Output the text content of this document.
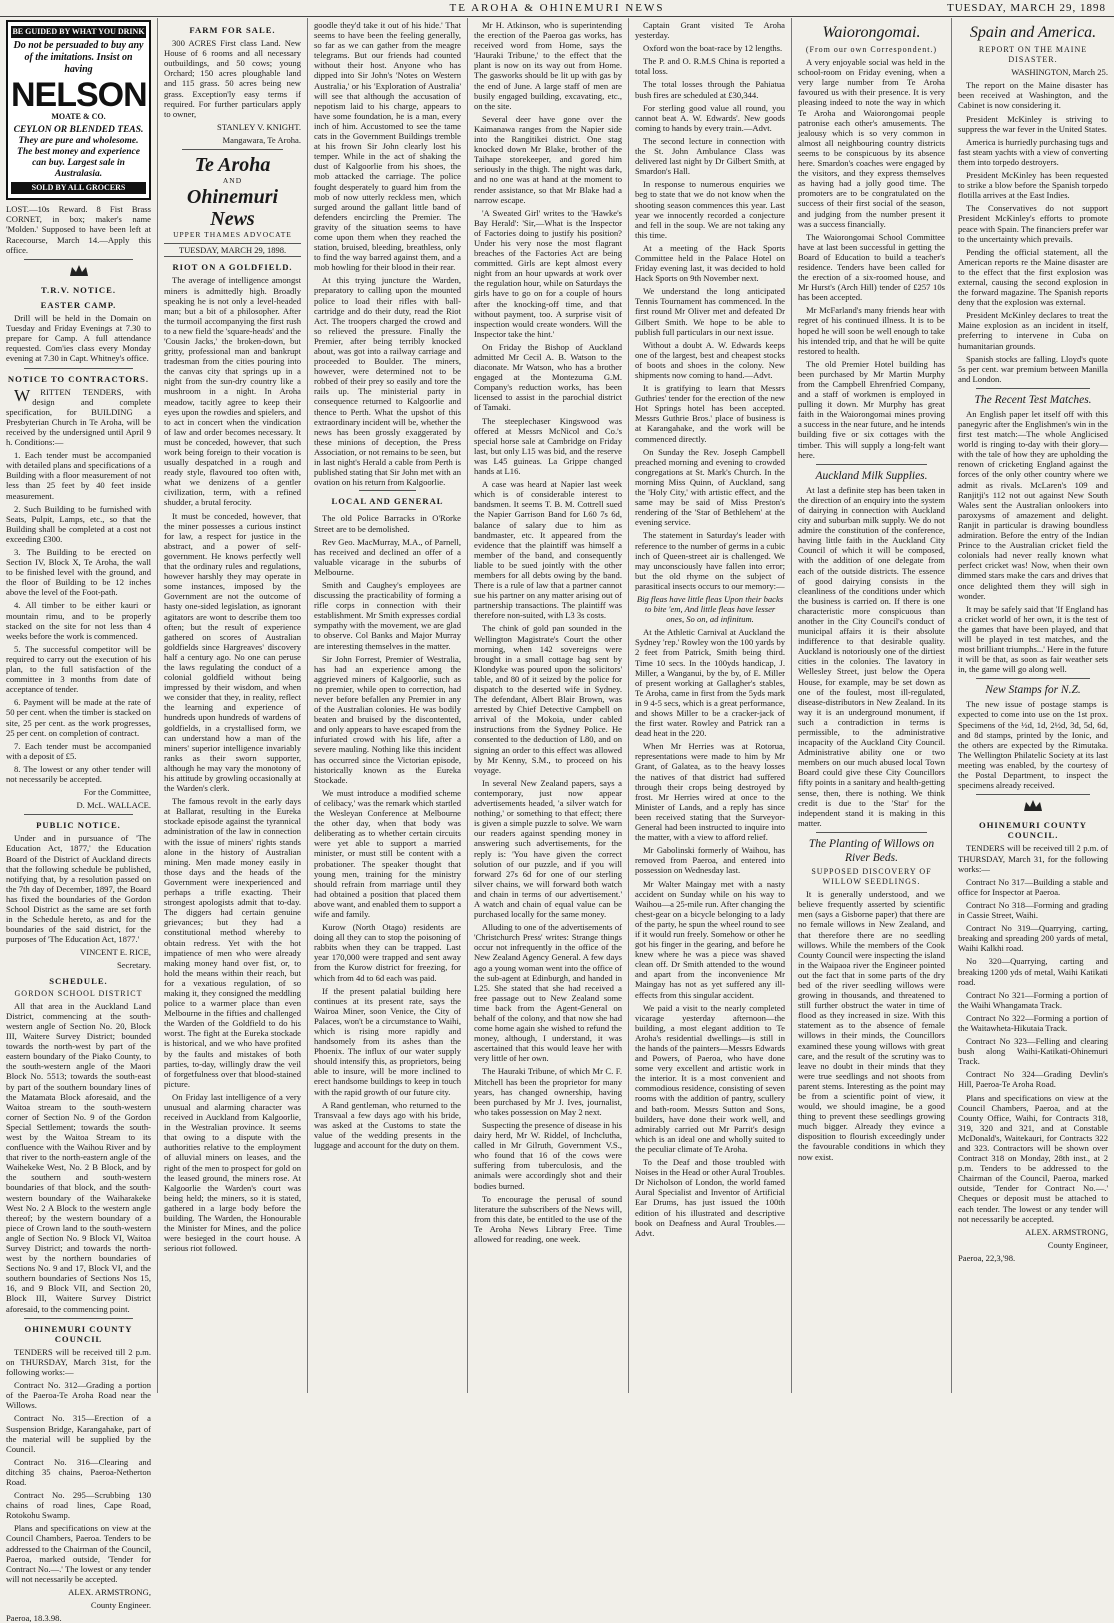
TE AROHA & OHINEMURI NEWS	TUESDAY, MARCH 29, 1898
BE GUIDED BY WHAT YOU DRINK
Do not be persuaded to buy any of the imitations. Insist on having
NELSON
MOATE & CO.
CEYLON OR BLENDED TEAS. They are pure and wholesome. The best money and experience can buy. Largest sale in Australasia.
SOLD BY ALL GROCERS

LOST.—10s Reward. 8 Fist Brass CORNET, in box; maker's name 'Molden.' Supposed to have been left at Racecourse, March 14.—Apply this office.

T.R.V. NOTICE.
EASTER CAMP.

Drill will be held in the Domain on Tuesday and Friday Evenings at 7.30 to prepare for Camp. A full attendance requested. Com'ies class every Monday evening at 7.30 in Capt. Whitney's office.

NOTICE TO CONTRACTORS.

WRITTEN TENDERS, with design and complete specification, for BUILDING a Presbyterian Church in Te Aroha, will be received by the undersigned until April 9 h. Conditions:—

1. Each tender must be accompanied with detailed plans and specifications of a Building with a floor measurement of not less than 25 feet by 40 feet inside measurement.

2. Such Building to be furnished with Seats, Pulpit, Lamps, etc., so that the Building shall be completed at a cost not exceeding £300.

3. The Building to be erected on Section IV, Block X, Te Aroha, the wall to be finished level with the ground, and the floor of Building to be 12 inches above the level of the Foot-path.

4. All timber to be either kauri or mountain rimu, and to be properly stacked on the site for not less than 4 weeks before the work is commenced.

5. The successful competitor will be required to carry out the execution of his plan, to the full satisfaction of the committee in 3 months from date of acceptance of tender.

6. Payment will be made at the rate of 50 per cent. when the timber is stacked on site, 25 per cent. as the work progresses, 25 per cent. on completion of contract.

7. Each tender must be accompanied with a deposit of £5.

8. The lowest or any other tender will not necessarily be accepted.

For the Committee,

D. McL. WALLACE.

PUBLIC NOTICE.

Under and in pursuance of 'The Education Act, 1877,' the Education Board of the District of Auckland directs that the following schedule be published, notifying that, by a resolution passed on the 7th day of December, 1897, the Board has fixed the boundaries of the Gordon School District as the same are set forth in the Schedule hereto, as and for the boundaries of the said district, for the purposes of 'The Education Act, 1877.'

VINCENT E. RICE,

Secretary.

SCHEDULE.
GORDON SCHOOL DISTRICT

All that area in the Auckland Land District, commencing at the south-western angle of Section No. 20, Block III, Waitere Survey District; bounded towards the north-west by part of the eastern boundary of the Piako County, to the south-western angle of the Maori Block No. 5513; towards the south-east by part of the southern boundary lines of the Matamata Block aforesaid, and the Waitoa stream to the south-western corner of Section No. 9 of the Gordon Special Settlement; towards the south-west by the Waitoa Stream to its confluence with the Waihou River and by that river to the north-eastern angle of the Waihekeke West, No. 2 B Block, and by the southern and south-western boundaries of that block, and the south-western boundary of the Waiharakeke West No. 2 A Block to the western angle thereof; by the western boundary of a piece of Crown land to the south-western angle of Section No. 9 Block VI, Waitoa Survey District; and towards the north-west by the northern boundaries of Sections No. 9 and 17, Block VI, and the southern boundaries of Sections Nos 15, 16, and 9 Block VII, and Section 20, Block III, Waitere Survey District aforesaid, to the commencing point.

OHINEMURI COUNTY COUNCIL

TENDERS will be received till 2 p.m. on THURSDAY, March 31st, for the following works:—

Contract No. 312—Grading a portion of the Paeroa-Te Aroha Road near the Willows.

Contract No. 315—Erection of a Suspension Bridge, Karangahake, part of the material will be supplied by the Council.

Contract No. 316—Clearing and ditching 35 chains, Paeroa-Netherton Road.

Contract No. 295—Scrubbing 130 chains of road lines, Cape Road, Rotokohu Swamp.

Plans and specifications on view at the Council Chambers, Paeroa. Tenders to be addressed to the Chairman of the Council, Paeroa, marked outside, 'Tender for Contract No.—.' The lowest or any tender will not necessarily be accepted.

ALEX. ARMSTRONG,

County Engineer.

Paeroa, 18.3.98.

FARM FOR SALE.

300 ACRES First class Land. New House of 6 rooms and all necessary outbuildings, and 50 cows; young Orchard; 150 acres ploughable land and 115 grass. 50 acres being new grass. Exception'ly easy terms if required. For further particulars apply to owner,

STANLEY V. KNIGHT.

Mangawara, Te Aroha.

Te Aroha
AND
Ohinemuri News
UPPER THAMES ADVOCATE
TUESDAY, MARCH 29, 1898.
RIOT ON A GOLDFIELD.

The average of intelligence amongst miners is admittedly high. Broadly speaking he is not only a level-headed man; but a bit of a philosopher. After the turmoil accompanying the first rush to a new field the 'square-heads' and the 'Cousin Jacks,' the broken-down, but gritty, professional man and bankrupt tradesman from the cities pouring into the canvas city that springs up in a night from the sun-dry country like a mushroom in a night. In Aroha meadow, tacitly agree to keep their eyes upon the rowdies and spielers, and to act in concert when the vindication of law and order becomes necessary. It must be conceded, however, that such work being foreign to their vocation is usually despatched in a rough and ready style, flavoured too often with, what we denizens of a gentler civilization, term, with a refined shudder, a brutal ferocity.

It must be conceded, however, that the miner possesses a curious instinct for law, a respect for justice in the abstract, and a power of self-government. He knows perfectly well that the ordinary rules and regulations, however harshly they may operate in some instances, imposed by the Government are not the outcome of hasty one-sided legislation, as ignorant agitators are wont to describe them too often; but the result of experience gathered on scores of Australian goldfields since Hargreaves' discovery half a century ago. No one can peruse the laws regulating the conduct of a colonial goldfield without being impressed by their wisdom, and when we consider that they, in reality, reflect the learning and experience of hundreds upon hundreds of wardens of goldfields, in a crystallised form, we can understand how a man of the miners' superior intelligence invariably ranks as their sworn supporter, although he may vary the monotony of his attitude by growling occasionally at the Warden's clerk.

The famous revolt in the early days at Ballarat, resulting in the Eureka stockade episode against the tyrannical administration of the law in connection with the issue of miners' rights stands alone in the history of Australian mining. Men made money easily in those days and the heads of the Government were inexperienced and perhaps a trifle exacting. Their strongest apologists admit that to-day. The diggers had certain genuine grievances; but they had a constitutional method whereby to obtain redress. Yet with the hot impatience of men who were already making money hand over fist, or, to hold the means within their reach, but for a vexatious regulation, of so making it, they consigned the meddling police to a warmer place than even Melbourne in the fifties and challenged the Warden of the Goldfield to do his worst. The fight at the Eureka stockade is historical, and we who have profited by the faults and mistakes of both parties, to-day, willingly draw the veil of forgetfulness over that blood-stained picture.

On Friday last intelligence of a very unusual and alarming character was received in Auckland from Kalgoorlie, in the Westralian province. It seems that owing to a dispute with the authorities relative to the employment of alluvial miners on leases, and the right of the men to prospect for gold on the leased ground, the miners rose. At Kalgoorlie the Warden's court was being held; the miners, so it is stated, gathered in a large body before the building. The Warden, the Honourable the Minister for Mines, and the police were besieged in the court house. A serious riot followed.

goodle they'd take it out of his hide.' That seems to have been the feeling generally, so far as we can gather from the meagre telegrams. But our friends had counted without their host. Anyone who has dipped into Sir John's 'Notes on Western Australia,' or his 'Exploration of Australia' will see that although the accusation of nepotism laid to his charge, appears to have some foundation, he is a man, every inch of him. Accustomed to see the tame cats in the Government Buildings tremble at his frown Sir John clearly lost his temper. While in the act of shaking the dust of Kalgoorlie from his shoes, the mob attacked the carriage. The police fought desperately to guard him from the mob of now utterly reckless men, which surged around the gallant little band of defenders encircling the Premier. The gravity of the situation seems to have come upon them when they reached the station, bruised, bleeding, breathless, only to find the way barred against them, and a mob howling for their blood in their rear.

At this trying juncture the Warden, preparatory to calling upon the mounted police to load their rifles with ball-cartridge and do their duty, read the Riot Act. The troopers charged the crowd and so relieved the pressure. Finally the Premier, after being terribly knocked about, was got into a railway carriage and proceeded to Boulder. The miners, however, were determined not to be robbed of their prey so easily and tore the rails up. The ministerial party in consequence returned to Kalgoorlie and thence to Perth. What the upshot of this extraordinary incident will be, whether the news has been grossly exaggerated by these minions of deception, the Press Association, or not remains to be seen, but in last night's Herald a cable from Perth is published stating that Sir John met with an ovation on his return from Kalgoorlie.

LOCAL AND GENERAL

The old Police Barracks in O'Rorke Street are to be demolished.

Rev Geo. MacMurray, M.A., of Parnell, has received and declined an offer of a valuable vicarage in the suburbs of Melbourne.

Smith and Caughey's employees are discussing the practicability of forming a rifle corps in connection with their establishment. Mr Smith expresses cordial sympathy with the movement, we are glad to observe. Col Banks and Major Murray are interesting themselves in the matter.

Sir John Forrest, Premier of Westralia, has had an experience among the aggrieved miners of Kalgoorlie, such as no premier, while open to correction, had never before befallen any Premier in any of the Australian colonies. He was bodily beaten and bruised by the discontented, and only appears to have escaped from the infuriated crowd with his life, after a severe mauling. Nothing like this incident has occurred since the Victorian episode, historically known as the Eureka Stockade.

We must introduce a modified scheme of celibacy,' was the remark which startled the Wesleyan Conference at Melbourne the other day, when that body was deliberating as to whether certain circuits were yet able to support a married minister, or must still be content with a probationer. The speaker thought that young men, training for the ministry should refrain from marriage until they had obtained a position that placed them above want, and enabled them to support a wife and family.

Kurow (North Otago) residents are doing all they can to stop the poisoning of rabbits when they can be trapped. Last year 170,000 were trapped and sent away from the Kurow district for freezing, for which from 4d to 6d each was paid.

If the present palatial building here continues at its present rate, says the Wairoa Miner, soon Venice, the City of Palaces, won't be a circumstance to Waihi, which is rising more rapidly and handsomely from its ashes than the Phoenix. The influx of our water supply should intensify this, as proprietors, being able to insure, will be more inclined to erect handsome buildings to keep in touch with the rapid growth of our future city.

A Rand gentleman, who returned to the Transvaal a few days ago with his bride, was asked at the Customs to state the value of the wedding presents in the luggage and account for the duty on them.

Mr H. Atkinson, who is superintending the erection of the Paeroa gas works, has received word from Home, says the 'Hauraki Tribune,' to the effect that the plant is now on its way out from Home. The gasworks should be lit up with gas by the end of June. A large staff of men are busily engaged building, excavating, etc., on the site.

Several deer have gone over the Kaimanawa ranges from the Napier side into the Rangitikei district. One stag knocked down Mr Blake, brother of the Taihape storekeeper, and gored him seriously in the thigh. The night was dark, and no one was at hand at the moment to render assistance, so that Mr Blake had a narrow escape.

'A Sweated Girl' writes to the 'Hawke's Bay Herald': 'Sir,—What is the Inspector of Factories doing to justify his position? Under his very nose the most flagrant breaches of the Factories Act are being committed. Girls are kept almost every night from an hour upwards at work over the regulation hour, while on Saturdays the girls have to go on for a couple of hours after the knocking-off time, and that without payment, too. A surprise visit of inspection would create wonders. Will the Inspector take the hint.'

On Friday the Bishop of Auckland admitted Mr Cecil A. B. Watson to the diaconate. Mr Watson, who has a brother engaged at the Montezuma G.M. Company's reduction works, has been licensed to assist in the parochial district of Tamaki.

The steeplechaser Kingswood was offered at Messrs McNicol and Co.'s special horse sale at Cambridge on Friday last, but only L15 was bid, and the reserve was L45 guineas. La Grippe changed hands at L16.

A case was heard at Napier last week which is of considerable interest to bandsmen. It seems T. B. M. Cottrell sued the Napier Garrison Band for L60 7s 6d, balance of salary due to him as bandmaster, etc. It appeared from the evidence that the plaintiff was himself a member of the band, and consequently liable to be sued jointly with the other members for all debts owing by the band. There is a rule of law that a partner cannot sue his partner on any matter arising out of partnership transactions. The plaintiff was therefore non-suited, with L3 3s costs.

The chink of gold pan sounded in the Wellington Magistrate's Court the other morning, when 142 sovereigns were brought in a small cottage bag sent by Klondyke was poured upon the solicitors' table, and 80 of it seized by the police for dispatch to the deserted wife in Sydney. The defendant, Albert Blair Brown, was arrested by Chief Detective Campbell on arrival of the Mokoia, under cabled instructions from the Sydney Police. He consented to the deduction of L80, and on signing an order to this effect was allowed by Mr Kenny, S.M., to proceed on his voyage.

In several New Zealand papers, says a contemporary, just now appear advertisements headed, 'a silver watch for nothing,' or something to that effect; there is given a simple puzzle to solve. We warn our readers against spending money in answering such advertisements, for the reply is: 'You have given the correct solution of our puzzle, and if you will forward 27s 6d for one of our sterling silver chains, we will forward both watch and chain in terms of our advertisement.' A watch and chain of equal value can be purchased locally for the same money.

Alluding to one of the advertisements of 'Christchurch Press' writes: Strange things occur not infrequently in the office of the New Zealand Agency General. A few days ago a young woman went into the office of the sub-agent at Edinburgh, and handed in L25. She stated that she had received a free passage out to New Zealand some time back from the Agent-General on behalf of the colony, and that now she had come home again she wished to refund the money, although, I understand, it was ascertained that this would leave her with very little of her own.

The Hauraki Tribune, of which Mr C. F. Mitchell has been the proprietor for many years, has changed ownership, having been purchased by Mr J. Ives, journalist, who takes possession on May 2 next.

Suspecting the presence of disease in his dairy herd, Mr W. Riddel, of Inchclutha, called in Mr Gilruth, Government V.S., who found that 16 of the cows were suffering from tuberculosis, and the animals were accordingly shot and their bodies burned.

To encourage the perusal of sound literature the subscribers of the News will, from this date, be entitled to the use of the Te Aroha News Library Free. Time allowed for reading, one week.

Captain Grant visited Te Aroha yesterday.

Oxford won the boat-race by 12 lengths.

The P. and O. R.M.S China is reported a total loss.

The total losses through the Pahiatua bush fires are scheduled at £30,344.

For sterling good value all round, you cannot beat A. W. Edwards'. New goods coming to hands by every train.—Advt.

The second lecture in connection with the St. John Ambulance Class was delivered last night by Dr Gilbert Smith, at Smardon's Hall.

In response to numerous enquiries we beg to state that we do not know when the shooting season commences this year. Last year we innocently recorded a conjecture and fell in the soup. We are not taking any this time.

At a meeting of the Hack Sports Committee held in the Palace Hotel on Friday evening last, it was decided to hold Hack Sports on 9th November next.

We understand the long anticipated Tennis Tournament has commenced. In the first round Mr Oliver met and defeated Dr Gilbert Smith. We hope to be able to publish full particulars in our next issue.

Without a doubt A. W. Edwards keeps one of the largest, best and cheapest stocks of boots and shoes in the colony. New shipments now coming to hand.—Advt.

It is gratifying to learn that Messrs Guthries' tender for the erection of the new Hot Springs hotel has been accepted. Messrs Guthrie Bros.' place of business is at Karangahake, and the work will be commenced directly.

On Sunday the Rev. Joseph Campbell preached morning and evening to crowded congregations at St. Mark's Church. In the morning Miss Quinn, of Auckland, sang the 'Holy City,' with artistic effect, and the same may be said of Miss Preston's rendering of the 'Star of Bethlehem' at the evening service.

The statement in Saturday's leader with reference to the number of germs in a cubic inch of Queen-street air is challenged. We may unconsciously have fallen into error; but the old rhyme on the subject of parasitical insects occurs to our memory:—

Big fleas have little fleas Upon their backs to bite 'em, And little fleas have lesser ones, So on, ad infinitum.

At the Athletic Carnival at Auckland the Sydney 'rep.' Rowley won the 100 yards by 2 feet from Patrick, Smith being third. Time 10 secs. In the 100yds handicap, J. Miller, a Wanganui, by the by, of E. Miller of present working at Gallagher's stables, Te Aroha, came in first from the 5yds mark in 9 4-5 secs, which is a great performance, and shows Miller to be a cracker-jack of the first water. Rowley and Patrick ran a dead heat in the 220.

When Mr Herries was at Rotorua, representations were made to him by Mr Grant, of Galatea, as to the heavy losses the natives of that district had suffered through their crops being destroyed by frost. Mr Herries wired at once to the Minister of Lands, and a reply has since been received stating that the Surveyor-General had been instructed to inquire into the matter, with a view to afford relief.

Mr Gabolinski formerly of Waihou, has removed from Paeroa, and entered into possession on Wednesday last.

Mr Walter Maingay met with a nasty accident on Sunday while on his way to Waihou—a 25-mile run. After changing the chest-gear on a bicycle belonging to a lady of the party, he spun the wheel round to see if it would run freely. Somehow or other he got his finger in the gearing, and before he knew where he was a piece was shaved clean off. Dr Smith attended to the wound and apart from the inconvenience Mr Maingay has not as yet suffered any ill-effects from this singular accident.

We paid a visit to the nearly completed vicarage yesterday afternoon—the building, a most elegant addition to Te Aroha's residential dwellings—is still in the hands of the painters—Messrs Edwards and Powers, of Paeroa, who have done some very excellent and artistic work in the interior. It is a most convenient and commodious residence, consisting of seven rooms with the addition of pantry, scullery and bath-room. Messrs Sutton and Sons, builders, have done their work well, and admirably carried out Mr Parrit's design which is an ideal one and wholly suited to the peculiar climate of Te Aroha.

To the Deaf and those troubled with Noises in the Head or other Aural Troubles. Dr Nicholson of London, the world famed Aural Specialist and Inventor of Artificial Ear Drums, has just issued the 100th edition of his illustrated and descriptive book on Deafness and Aural Troubles.—Advt.

Waiorongomai.
(From our own Correspondent.)

A very enjoyable social was held in the school-room on Friday evening, when a very large number from Te Aroha favoured us with their presence. It is very pleasing indeed to note the way in which Te Aroha and Waiorongomai people patronise each other's amusements. The jealousy which is so very common in almost all neighbouring country districts seems to be conspicuous by its absence here. Smardon's coaches were engaged by the visitors, and they express themselves as having had a jolly good time. The promoters are to be congratulated on the success of their first social of the season, and judging from the number present it was a success financially.

The Waiorongomai School Committee have at last been successful in getting the Board of Education to build a teacher's residence. Tenders have been called for the erection of a six-roomed house, and Mr Hurst's (Arch Hill) tender of £257 10s has been accepted.

Mr McFarland's many friends hear with regret of his continued illness. It is to be hoped he will soon be well enough to take his intended trip, and that he will be quite restored to health.

The old Premier Hotel building has been purchased by Mr Martin Murphy from the Campbell Ehrenfried Company, and a staff of workmen is employed in pulling it down. Mr Murphy has great faith in the Waiorongomai mines proving a success in the near future, and he intends building five or six cottages with the timber. This will supply a long-felt want here.

Auckland Milk Supplies.

At last a definite step has been taken in the direction of an enquiry into the system of dairying in connection with Auckland city and suburban milk supply. We do not admire the constitution of the conference, having little faith in the Auckland City Council of which it will be composed, with the addition of one delegate from each of the outside districts. The essence of good dairying consists in the cleanliness of the conditions under which the business is carried on. If there is one characteristic more conspicuous than another in the City Council's conduct of municipal affairs it is their absolute indifference to that desirable quality. Auckland is notoriously one of the dirtiest cities in the colonies. The lavatory in Wellesley Street, just below the Opera House, for example, may be set down as one of the foulest, most ill-regulated, disease-distributors in New Zealand. In its way it is an underground monument, if such a contradiction in terms is permissible, to the administrative incapacity of the Auckland City Council. Administrative ability one or two members on our much abused local Town Board could give these City Councillors fifty points in a sanitary and health-getting sense, then, there is nothing. We think credit is due to the 'Star' for the independent stand it is making in this matter.

The Planting of Willows on River Beds.
SUPPOSED DISCOVERY OF WILLOW SEEDLINGS.

It is generally understood, and we believe frequently asserted by scientific men (says a Gisborne paper) that there are no female willows in New Zealand, and that therefore there are no seedling willows. While the members of the Cook County Council were inspecting the island in the Waipaoa river the Engineer pointed out the fact that in some parts of the dry bed of the river seedling willows were growing in thousands, and threatened to still further obstruct the water in time of flood as they increased in size. With this statement as to the absence of female willows in their minds, the Councillors examined these young willows with great care, and the result of the scrutiny was to leave no doubt in their minds that they were true seedlings and not shoots from parent stems. Interesting as the point may be from a scientific point of view, it would, we should imagine, be a good thing to prevent these seedlings growing much bigger. Already they evince a disposition to flourish exceedingly under the favourable conditions in which they now exist.

Spain and America.
REPORT ON THE MAINE DISASTER.

WASHINGTON, March 25.

The report on the Maine disaster has been received at Washington, and the Cabinet is now considering it.

President McKinley is striving to suppress the war fever in the United States.

America is hurriedly purchasing tugs and fast steam yachts with a view of converting them into torpedo destroyers.

President McKinley has been requested to strike a blow before the Spanish torpedo flotilla arrives at the East Indies.

The Conservatives do not support President McKinley's efforts to promote peace with Spain. The financiers prefer war to the uncertainty which prevails.

Pending the official statement, all the American reports re the Maine disaster are to the effect that the first explosion was external, causing the second explosion in the forward magazine. The Spanish reports deny that the explosion was external.

President McKinley declares to treat the Maine explosion as an incident in itself, preferring to intervene in Cuba on humanitarian grounds.

Spanish stocks are falling. Lloyd's quote 5s per cent. war premium between Manilla and London.

The Recent Test Matches.

An English paper let itself off with this panegyric after the Englishmen's win in the first test match:—The whole Anglicised world is ringing to-day with their glory—with the tale of how they are upholding the renown of cricketing England against the forces of the only other country where we admit as rivals. McLaren's 109 and Ranjitji's 112 not out against New South Wales sent the Australian onlookers into paroxysms of amazement and delight. Ranjit in particular is drawing boundless admiration. Before the entry of the Indian Prince to the Australian cricket field the colonials had never really known what perfect cricket was! Now, when their own dimmed stars make the cars and drives that once delighted them they will sigh in wonder.

It may be safely said that 'If England has a cricket world of her own, it is the test of the games that have been played, and that will be played in test matches, and the most brilliant triumphs...' Here in the future it will be that, as soon as fair weather sets in, the game will go along well.

New Stamps for N.Z.

The new issue of postage stamps is expected to come into use on the 1st prox. Specimens of the ½d, 1d, 2½d, 3d, 5d, 6d, and 8d stamps, printed by the Ionic, and the others are expected by the Rimutaka. The Wellington Philatelic Society at its last meeting was enabled, by the courtesy of the Postal Department, to inspect the specimens already received.

OHINEMURI COUNTY COUNCIL.

TENDERS will be received till 2 p.m. of THURSDAY, March 31, for the following works:—

Contract No 317—Building a stable and office for Inspector at Paeroa.

Contract No 318—Forming and grading in Cassie Street, Waihi.

Contract No 319—Quarrying, carting, breaking and spreading 200 yards of metal, Waihi Kalkhi road.

No 320—Quarrying, carting and breaking 1200 yds of metal, Waihi Katikati road.

Contract No 321—Forming a portion of the Waihi Whangamata Track.

Contract No 322—Forming a portion of the Waitawheta-Hikutaia Track.

Contract No 323—Felling and clearing bush along Waihi-Katikati-Ohinemuri Track.

Contract No 324—Grading Devlin's Hill, Paeroa-Te Aroha Road.

Plans and specifications on view at the Council Chambers, Paeroa, and at the County Office, Waihi, for Contracts 318, 319, 320 and 321, and at Constable McDonald's, Waitekauri, for Contracts 322 and 323. Contractors will be shown over Contract 318 on Monday, 28th inst., at 2 p.m. Tenders to be addressed to the Chairman of the Council, Paeroa, marked outside, 'Tender for Contract No.—.' Cheques or deposit must be attached to each tender. The lowest or any tender will not necessarily be accepted.

ALEX. ARMSTRONG,

County Engineer,

Paeroa, 22,3,'98.
